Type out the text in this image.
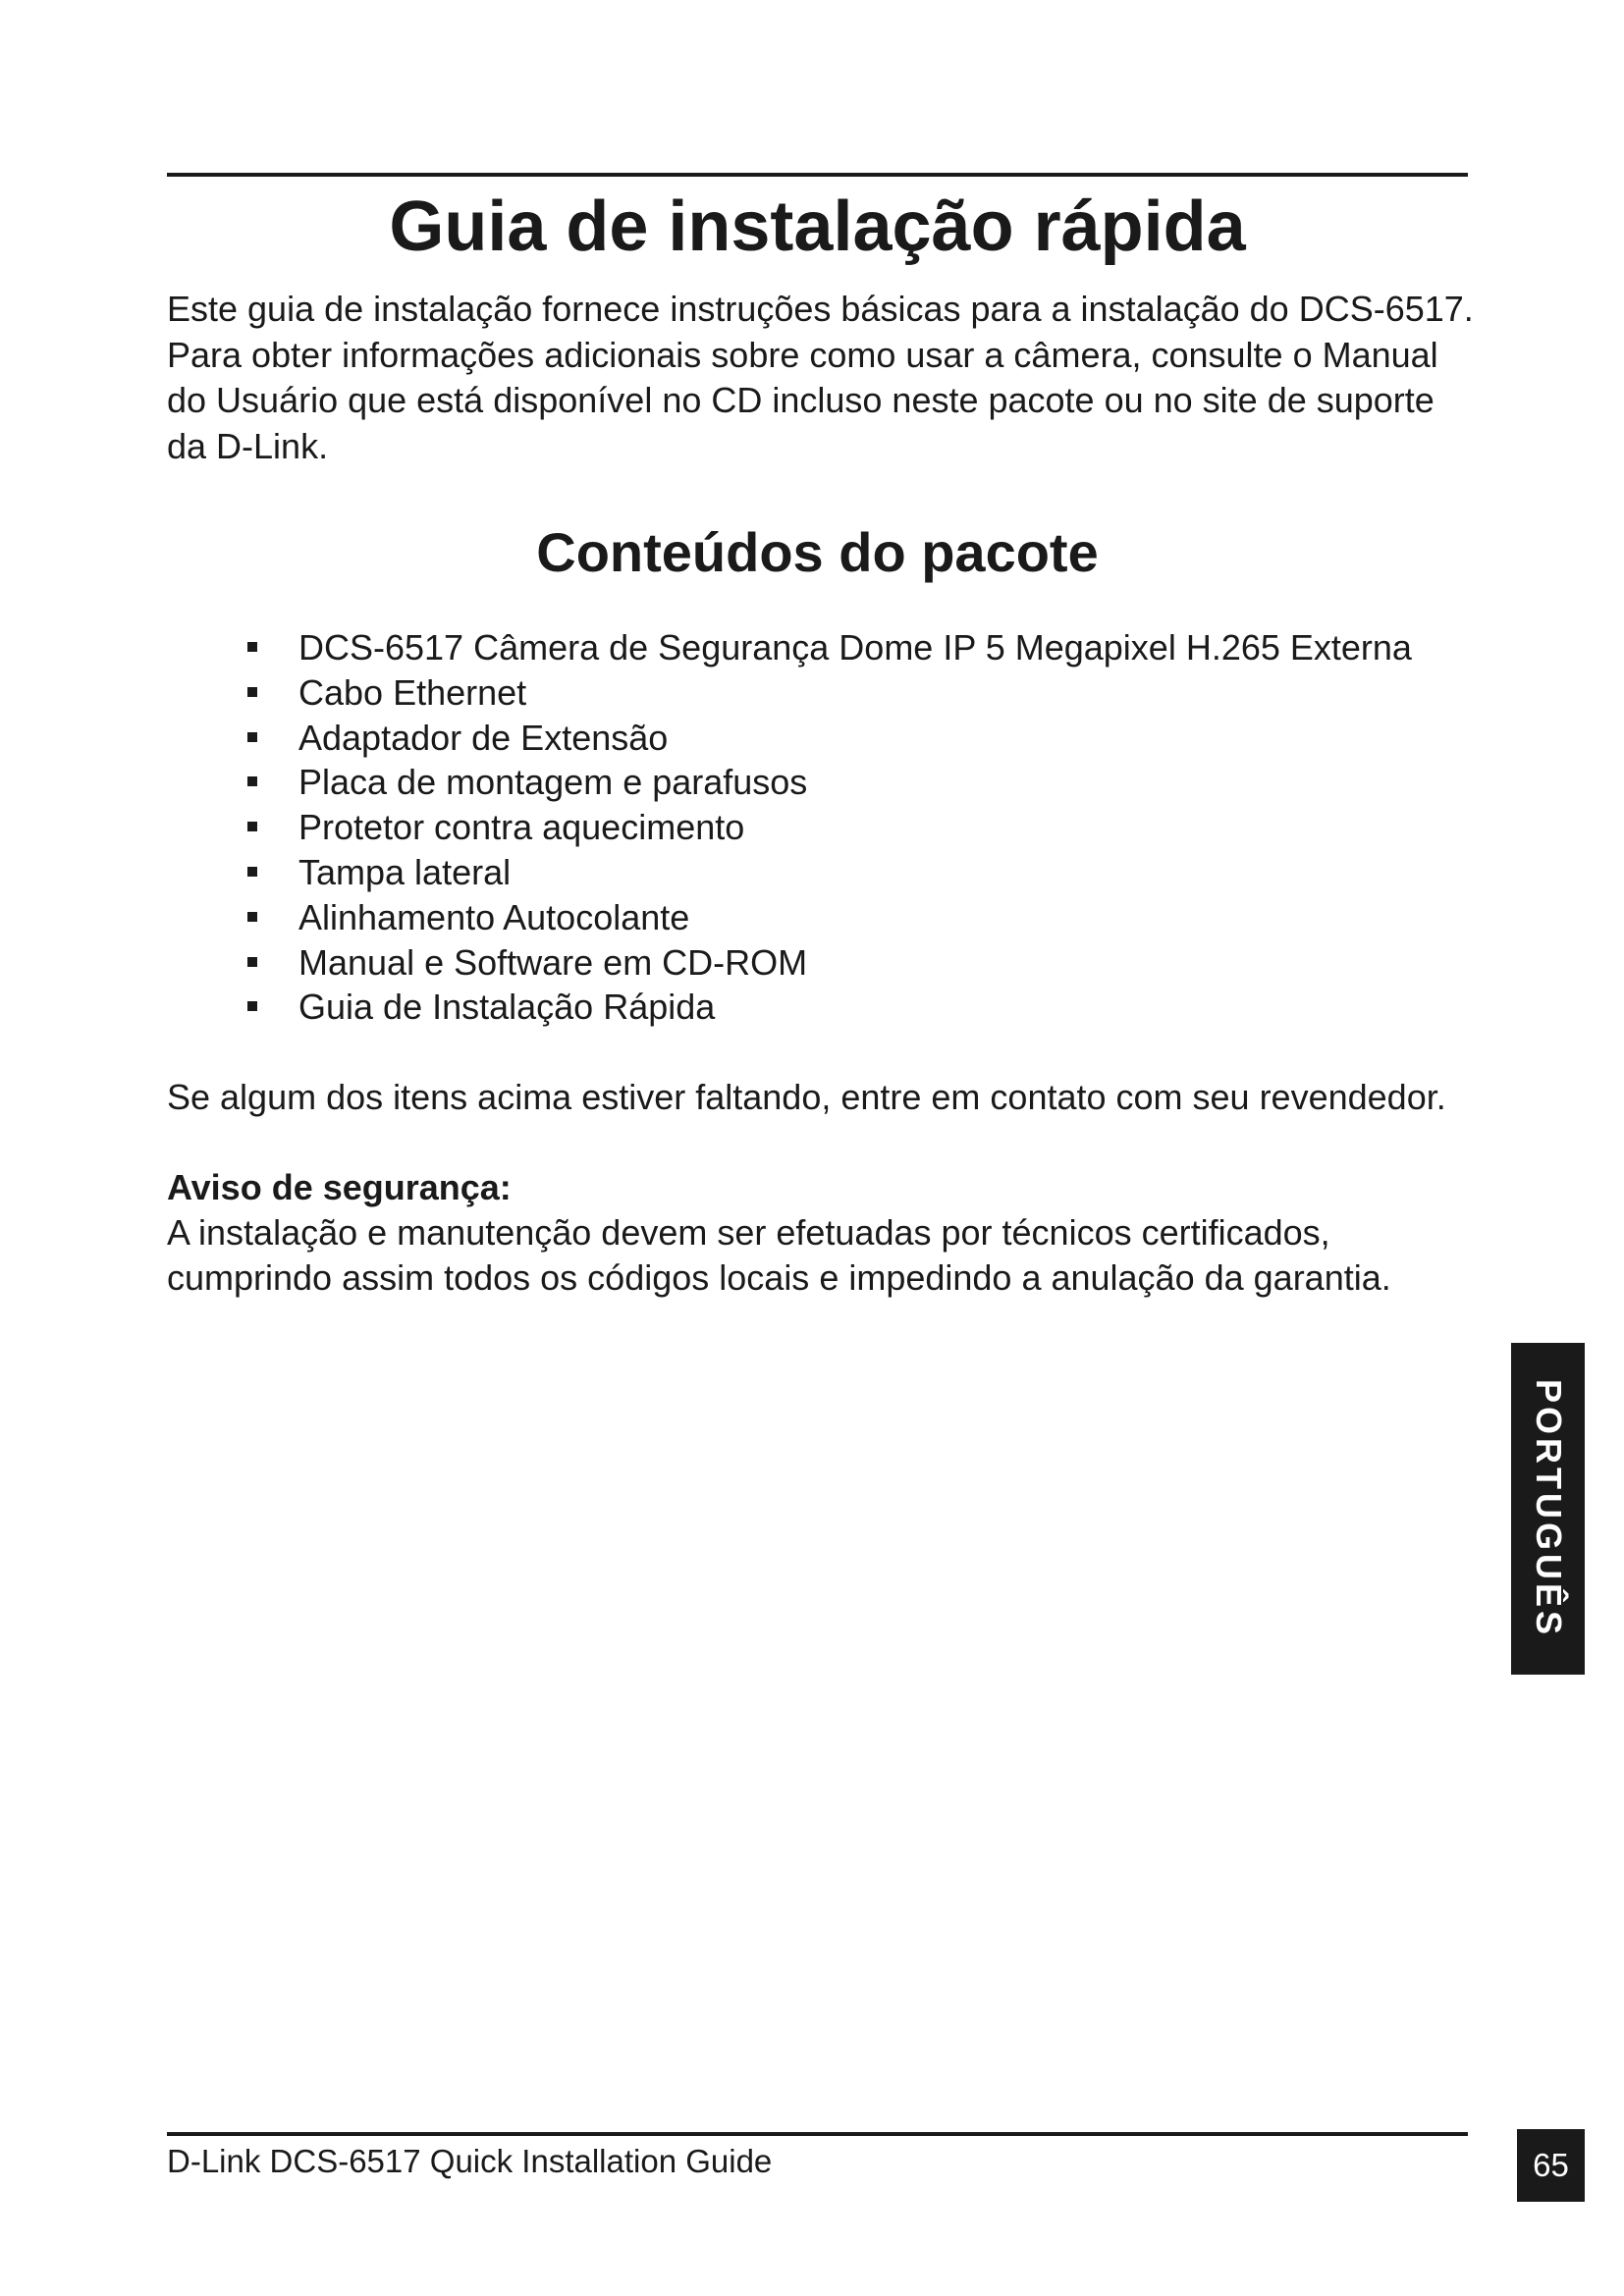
Guia de instalação rápida

Este guia de instalação fornece instruções básicas para a instalação do DCS-6517. Para obter informações adicionais sobre como usar a câmera, consulte o Manual do Usuário que está disponível no CD incluso neste pacote ou no site de suporte da D-Link.

Conteúdos do pacote
DCS-6517 Câmera de Segurança Dome IP 5 Megapixel H.265 Externa
Cabo Ethernet
Adaptador de Extensão
Placa de montagem e parafusos
Protetor contra aquecimento
Tampa lateral
Alinhamento Autocolante
Manual e Software em CD-ROM
Guia de Instalação Rápida

Se algum dos itens acima estiver faltando, entre em contato com seu revendedor.

Aviso de segurança:

A instalação e manutenção devem ser efetuadas por técnicos certificados, cumprindo assim todos os códigos locais e impedindo a anulação da garantia.

PORTUGUÊS

D-Link DCS-6517 Quick Installation Guide	65
